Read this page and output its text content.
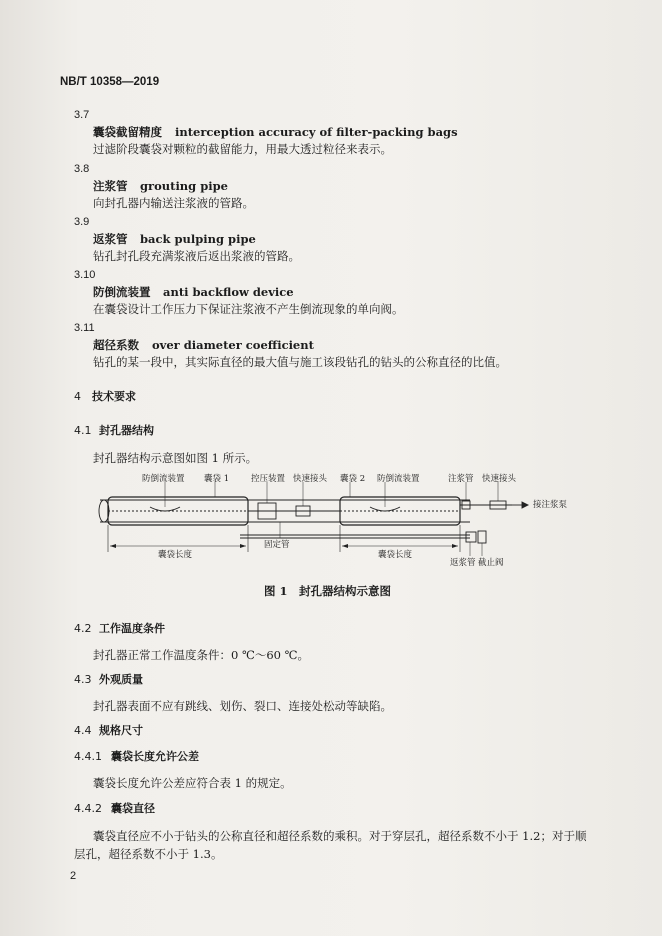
NB/T 10358—2019
3.7
囊袋截留精度 interception accuracy of filter-packing bags
过滤阶段囊袋对颗粒的截留能力，用最大透过粒径来表示。
3.8
注浆管 grouting pipe
向封孔器内输送注浆液的管路。
3.9
返浆管 back pulping pipe
钻孔封孔段充满浆液后返出浆液的管路。
3.10
防倒流装置 anti backflow device
在囊袋设计工作压力下保证注浆液不产生倒流现象的单向阀。
3.11
超径系数 over diameter coefficient
钻孔的某一段中，其实际直径的最大值与施工该段钻孔的钻头的公称直径的比值。
4 技术要求
4.1 封孔器结构
封孔器结构示意图如图 1 所示。
防倒流装置 囊袋 1	控压装置 快速接头 囊袋 2 防倒流装置	注浆管 快速接头
接注浆泵
囊袋长度
固定管
囊袋长度
返浆管 截止阀
图 1　封孔器结构示意图
4.2 工作温度条件
封孔器正常工作温度条件：0 ℃～60 ℃。
4.3 外观质量
封孔器表面不应有跳线、划伤、裂口、连接处松动等缺陷。
4.4 规格尺寸
4.4.1 囊袋长度允许公差
囊袋长度允许公差应符合表 1 的规定。
4.4.2 囊袋直径
囊袋直径应不小于钻头的公称直径和超径系数的乘积。对于穿层孔，超径系数不小于 1.2；对于顺
层孔，超径系数不小于 1.3。
2
